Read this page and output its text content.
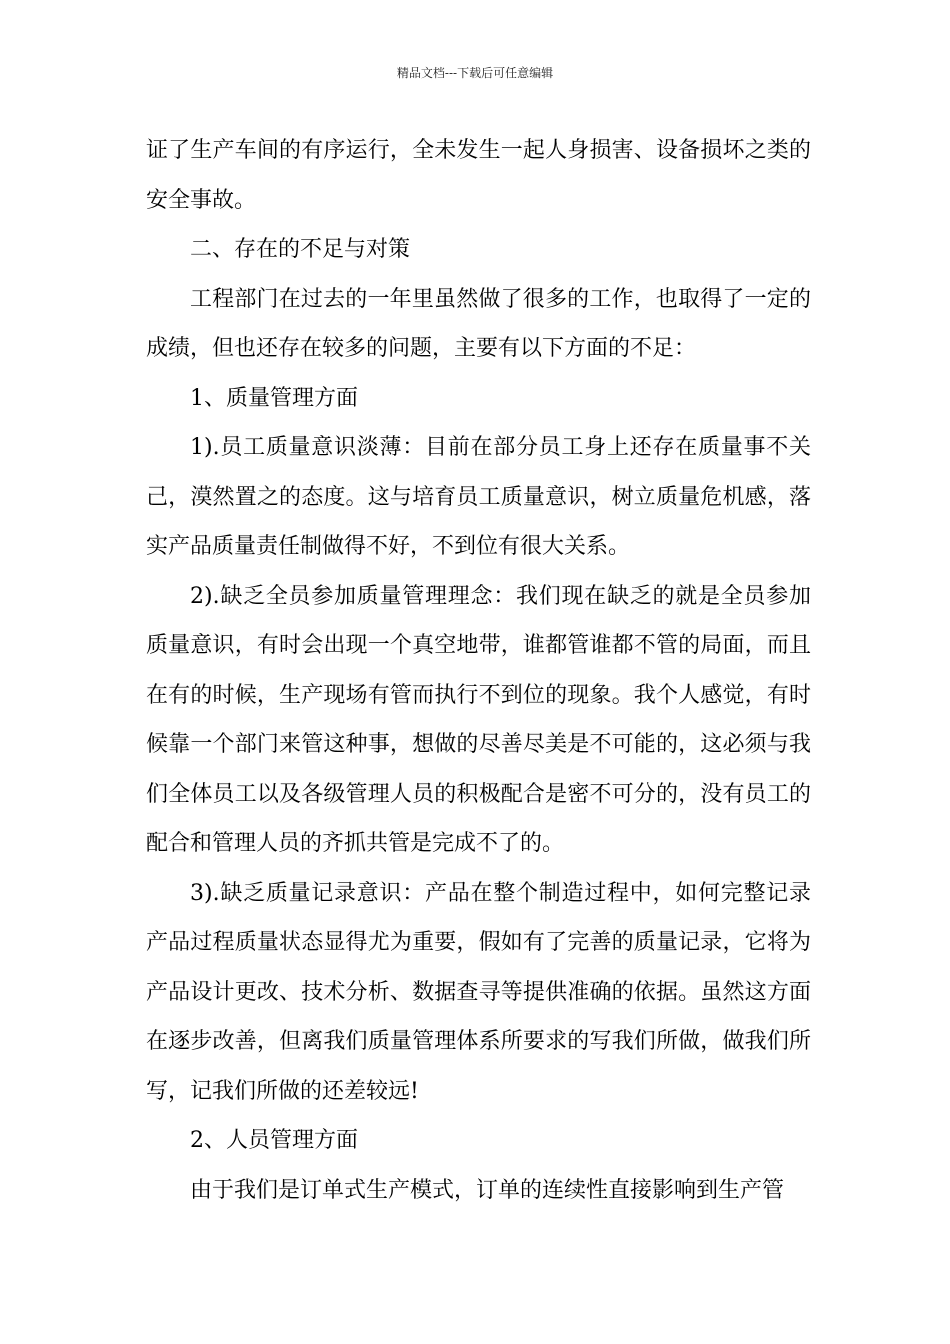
精品文档---下载后可任意编辑

证了生产车间的有序运行，全未发生一起人身损害、设备损坏之类的安全事故。

二、存在的不足与对策

工程部门在过去的一年里虽然做了很多的工作，也取得了一定的成绩，但也还存在较多的问题，主要有以下方面的不足：

1、质量管理方面

1).员工质量意识淡薄：目前在部分员工身上还存在质量事不关己，漠然置之的态度。这与培育员工质量意识，树立质量危机感，落实产品质量责任制做得不好，不到位有很大关系。

2).缺乏全员参加质量管理理念：我们现在缺乏的就是全员参加质量意识，有时会出现一个真空地带，谁都管谁都不管的局面，而且在有的时候，生产现场有管而执行不到位的现象。我个人感觉，有时候靠一个部门来管这种事，想做的尽善尽美是不可能的，这必须与我们全体员工以及各级管理人员的积极配合是密不可分的，没有员工的配合和管理人员的齐抓共管是完成不了的。

3).缺乏质量记录意识：产品在整个制造过程中，如何完整记录产品过程质量状态显得尤为重要，假如有了完善的质量记录，它将为产品设计更改、技术分析、数据查寻等提供准确的依据。虽然这方面在逐步改善，但离我们质量管理体系所要求的写我们所做，做我们所写，记我们所做的还差较远!

2、人员管理方面

由于我们是订单式生产模式，订单的连续性直接影响到生产管
